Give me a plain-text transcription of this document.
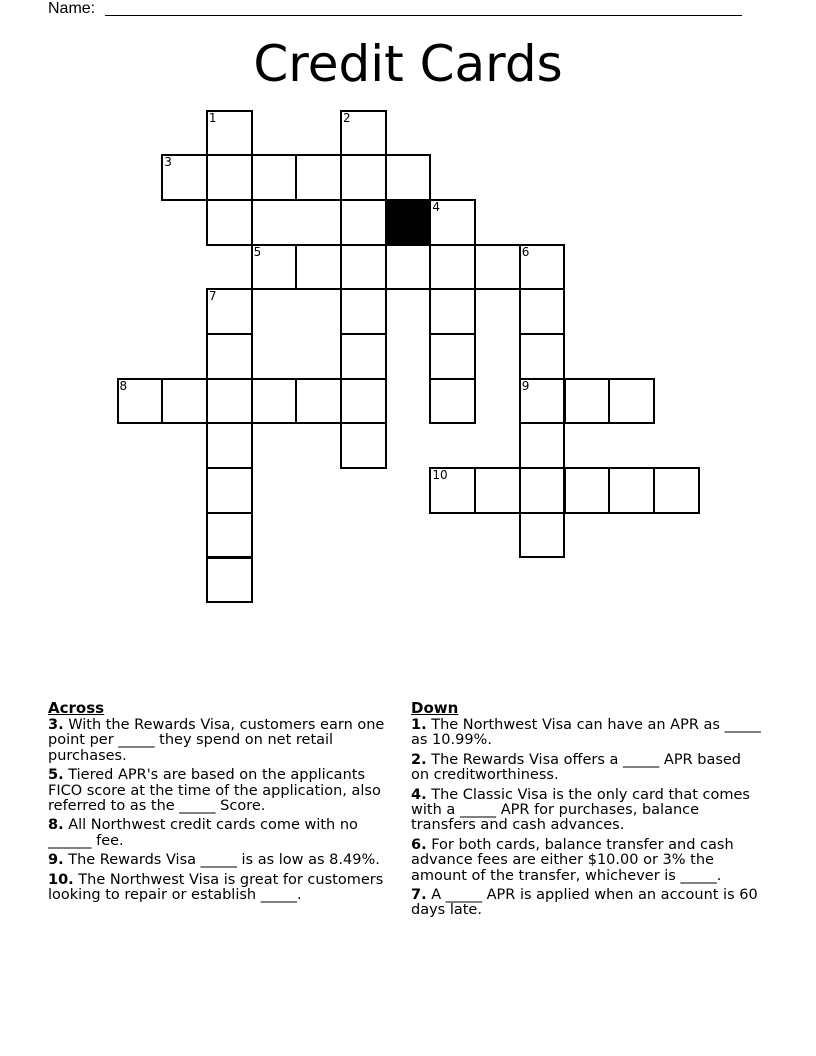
Name:
Credit Cards
1	2
3
4
5	6
7
8	9
10
Across
3. With the Rewards Visa, customers earn one point per _____ they spend on net retail purchases.
5. Tiered APR's are based on the applicants FICO score at the time of the application, also referred to as the _____ Score.
8. All Northwest credit cards come with no ______ fee.
9. The Rewards Visa _____ is as low as 8.49%.
10. The Northwest Visa is great for customers looking to repair or establish _____.
Down
1. The Northwest Visa can have an APR as _____ as 10.99%.
2. The Rewards Visa offers a _____ APR based on creditworthiness.
4. The Classic Visa is the only card that comes with a _____ APR for purchases, balance transfers and cash advances.
6. For both cards, balance transfer and cash advance fees are either $10.00 or 3% the amount of the transfer, whichever is _____.
7. A _____ APR is applied when an account is 60 days late.
